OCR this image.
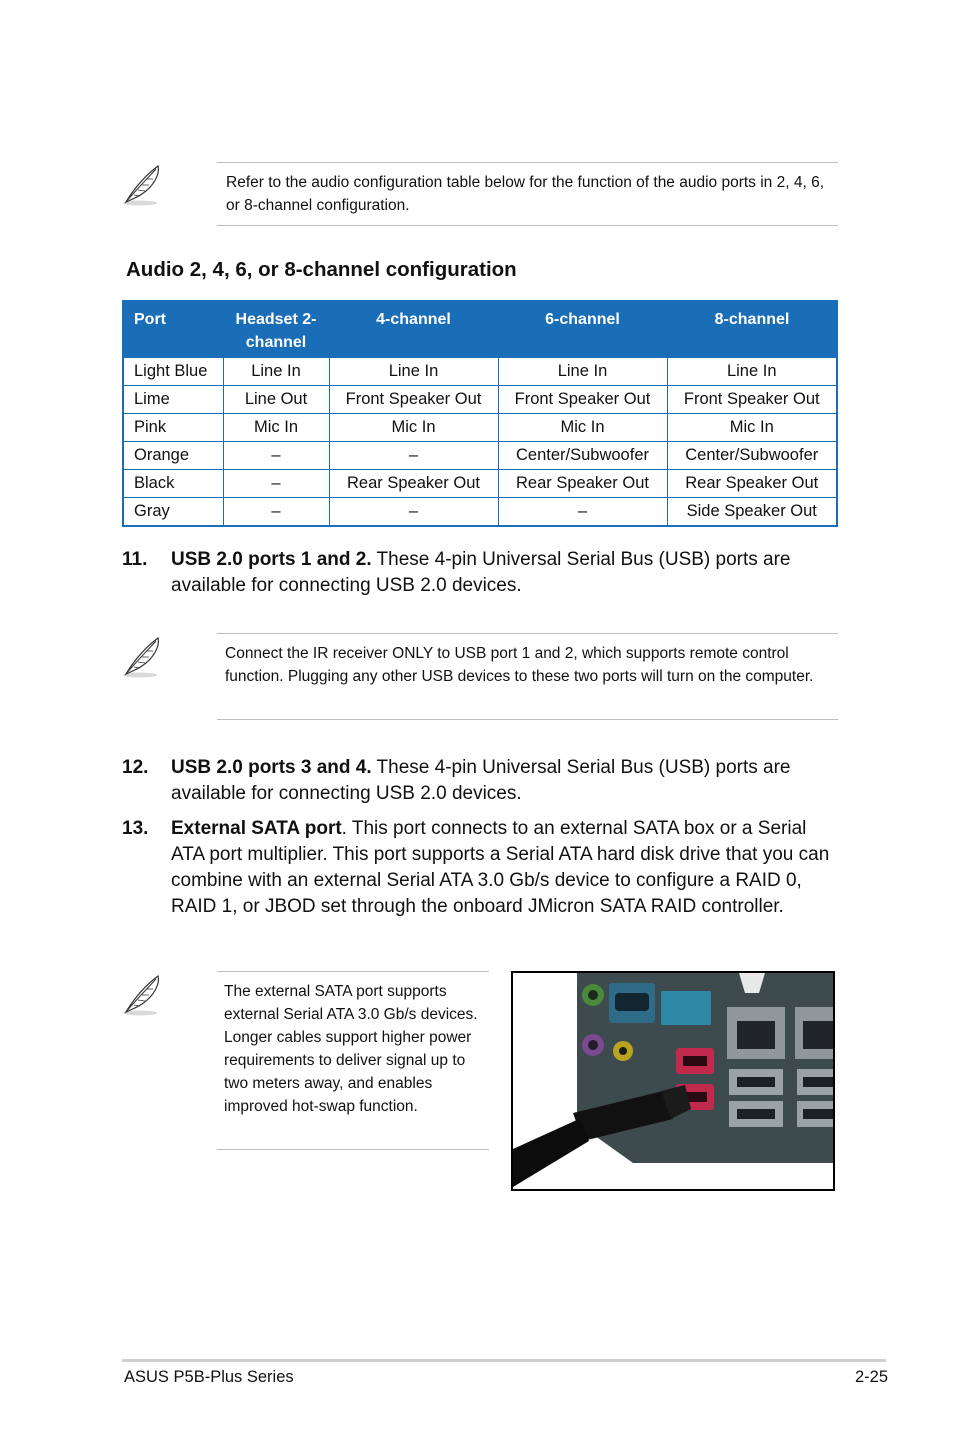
Refer to the audio configuration table below for the function of the audio ports in 2, 4, 6, or 8-channel configuration.
Audio 2, 4, 6, or 8-channel configuration
Port	Headset 2-channel	4-channel	6-channel	8-channel
Light Blue	Line In	Line In	Line In	Line In
Lime	Line Out	Front Speaker Out	Front Speaker Out	Front Speaker Out
Pink	Mic In	Mic In	Mic In	Mic In
Orange	–	–	Center/Subwoofer	Center/Subwoofer
Black	–	Rear Speaker Out	Rear Speaker Out	Rear Speaker Out
Gray	–	–	–	Side Speaker Out
11. USB 2.0 ports 1 and 2. These 4-pin Universal Serial Bus (USB) ports are available for connecting USB 2.0 devices.
Connect the IR receiver ONLY to USB port 1 and 2, which supports remote control function. Plugging any other USB devices to these two ports will turn on the computer.
12. USB 2.0 ports 3 and 4. These 4-pin Universal Serial Bus (USB) ports are available for connecting USB 2.0 devices.
13. External SATA port. This port connects to an external SATA box or a Serial ATA port multiplier. This port supports a Serial ATA hard disk drive that you can combine with an external Serial ATA 3.0 Gb/s device to configure a RAID 0, RAID 1, or JBOD set through the onboard JMicron SATA RAID controller.
The external SATA port supports external Serial ATA 3.0 Gb/s devices. Longer cables support higher power requirements to deliver signal up to two meters away, and enables improved hot-swap function.
ASUS P5B-Plus Series	2-25
